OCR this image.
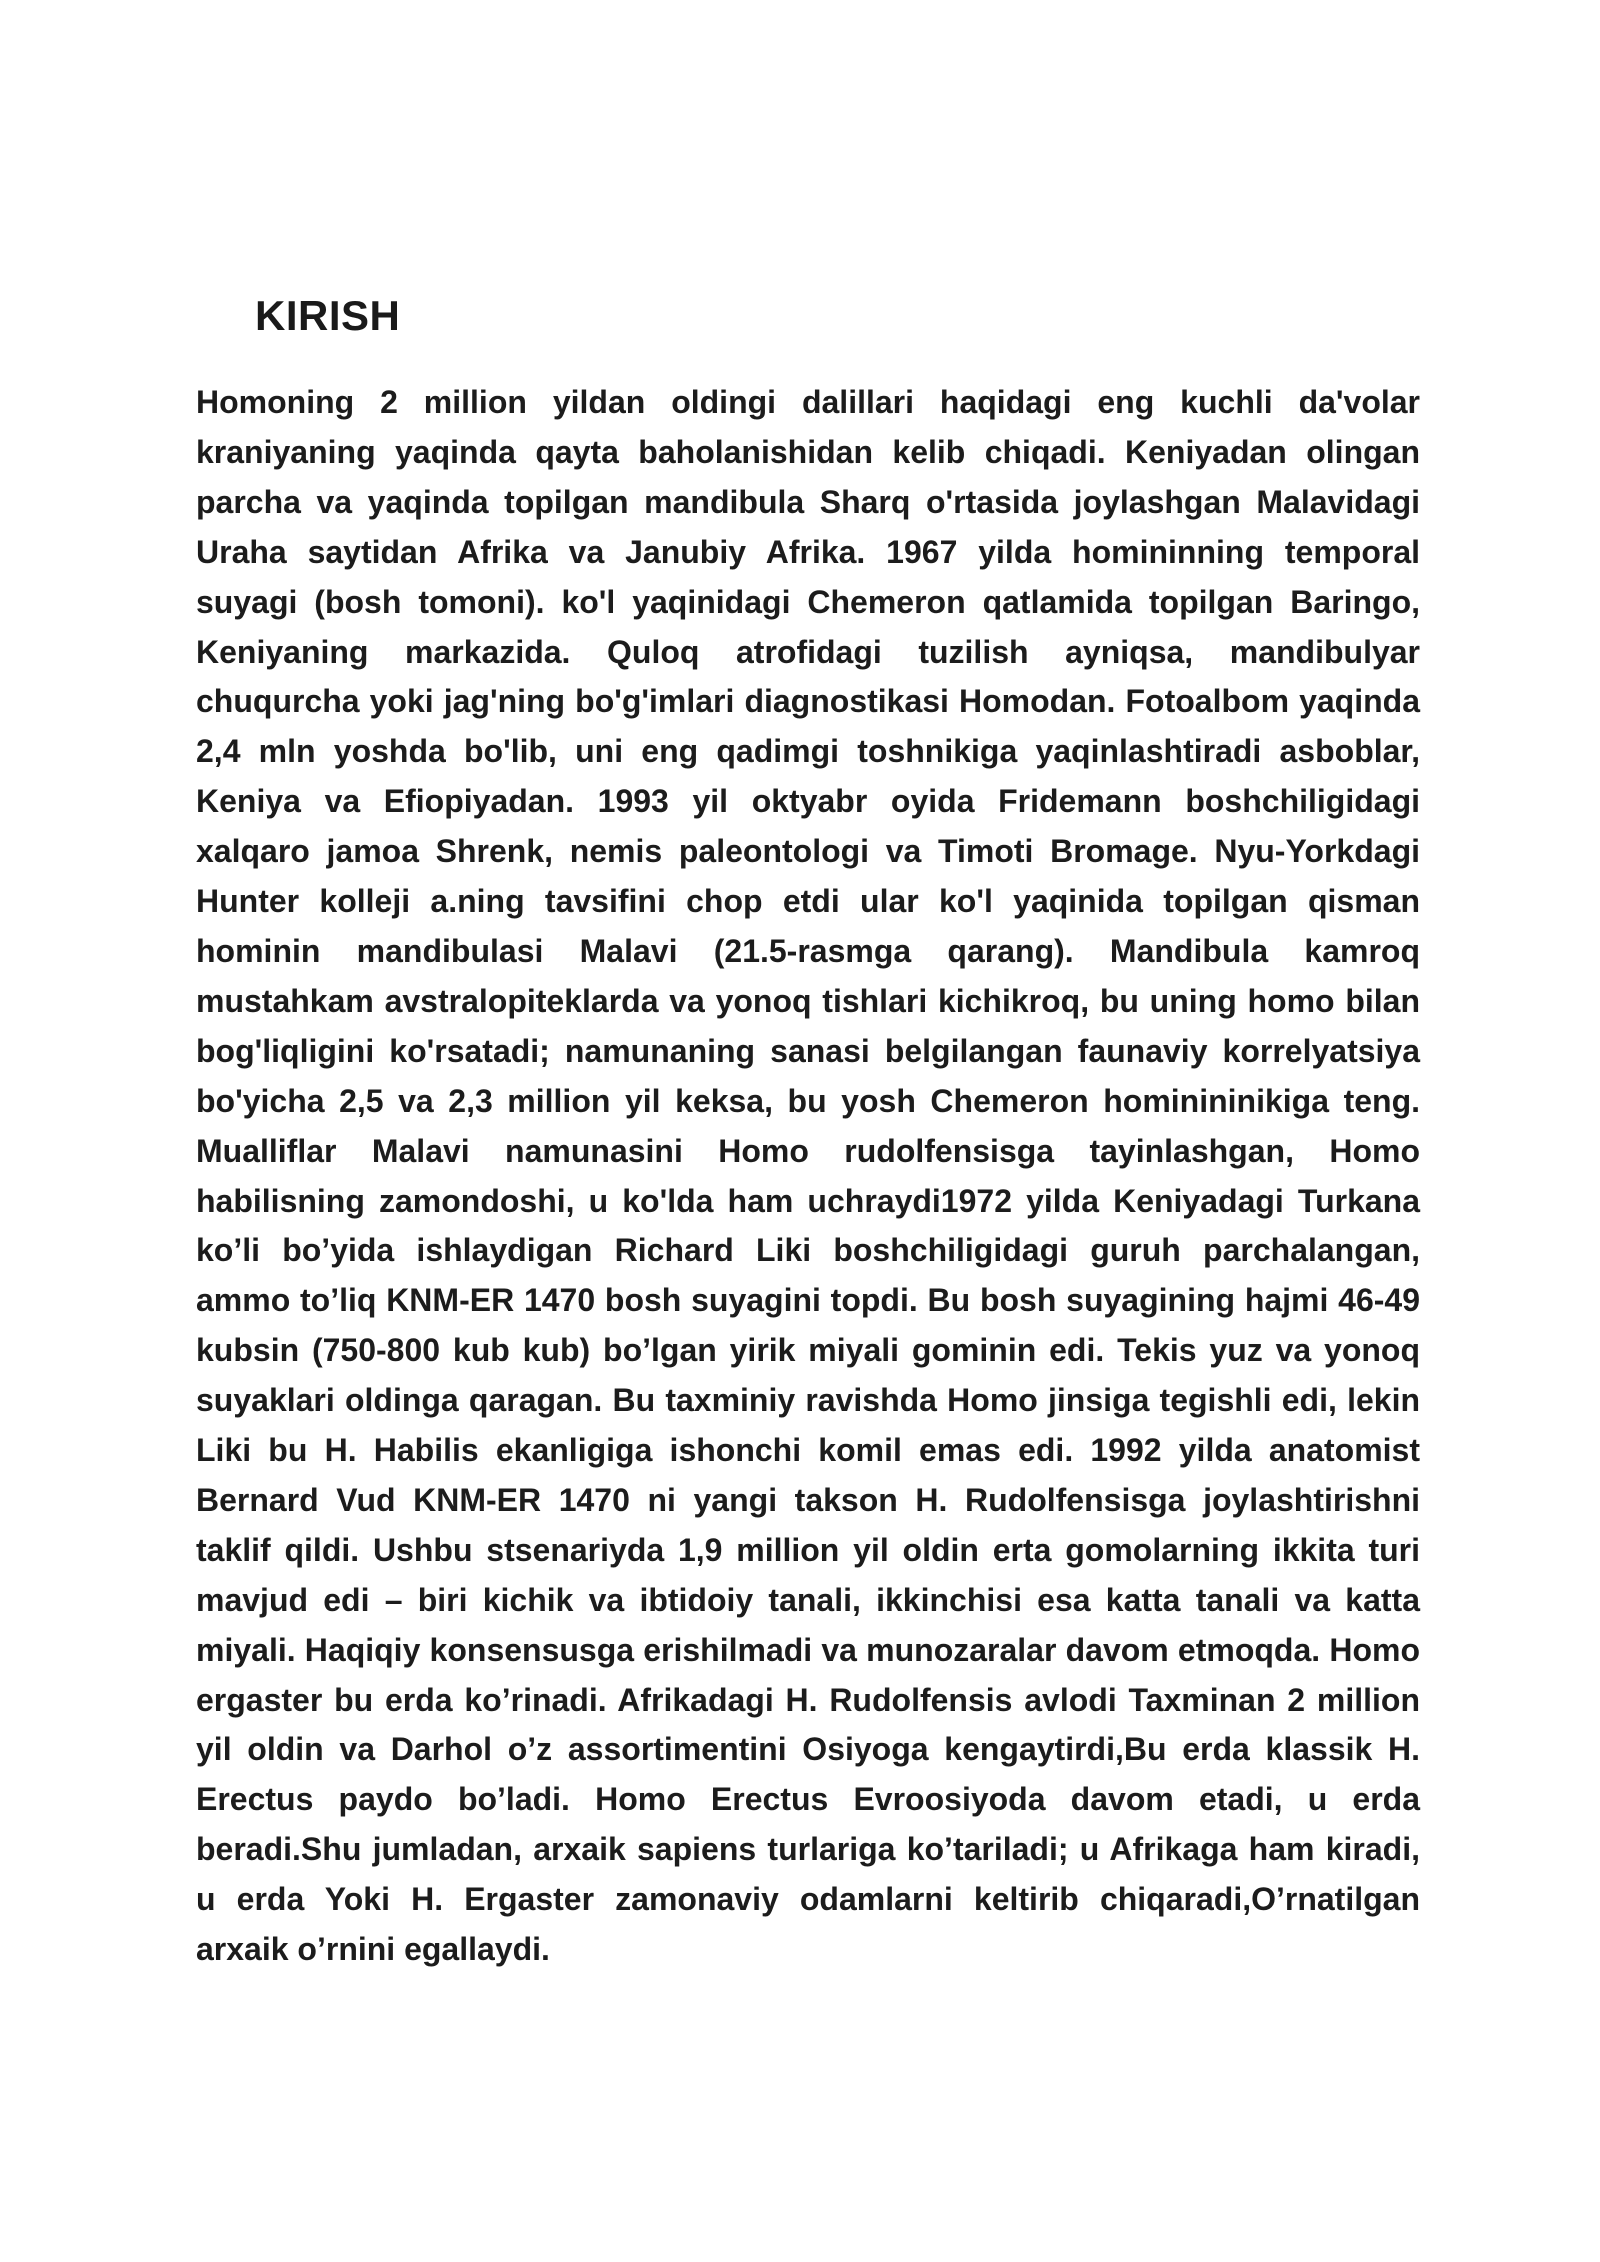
KIRISH

Homoning 2 million yildan oldingi dalillari haqidagi eng kuchli da'volar kraniyaning yaqinda qayta baholanishidan kelib chiqadi. Keniyadan olingan parcha va yaqinda topilgan mandibula Sharq o'rtasida joylashgan Malavidagi Uraha saytidan Afrika va Janubiy Afrika. 1967 yilda homininning temporal suyagi (bosh tomoni). ko'l yaqinidagi Chemeron qatlamida topilgan Baringo, Keniyaning markazida. Quloq atrofidagi tuzilish ayniqsa, mandibulyar chuqurcha yoki jag'ning bo'g'imlari diagnostikasi Homodan. Fotoalbom yaqinda 2,4 mln yoshda bo'lib, uni eng qadimgi toshnikiga yaqinlashtiradi asboblar, Keniya va Efiopiyadan. 1993 yil oktyabr oyida Fridemann boshchiligidagi xalqaro jamoa Shrenk, nemis paleontologi va Timoti Bromage. Nyu-Yorkdagi Hunter kolleji a.ning tavsifini chop etdi ular ko'l yaqinida topilgan qisman hominin mandibulasi Malavi (21.5-rasmga qarang). Mandibula kamroq mustahkam avstralopiteklarda va yonoq tishlari kichikroq, bu uning homo bilan bog'liqligini ko'rsatadi; namunaning sanasi belgilangan faunaviy korrelyatsiya bo'yicha 2,5 va 2,3 million yil keksa, bu yosh Chemeron hominininikiga teng. Mualliflar Malavi namunasini Homo rudolfensisga tayinlashgan, Homo habilisning zamondoshi, u ko'lda ham uchraydi1972 yilda Keniyadagi Turkana ko’li bo’yida ishlaydigan Richard Liki boshchiligidagi guruh parchalangan, ammo to’liq KNM-ER 1470 bosh suyagini topdi. Bu bosh suyagining hajmi 46-49 kubsin (750-800 kub kub) bo’lgan yirik miyali gominin edi. Tekis yuz va yonoq suyaklari oldinga qaragan. Bu taxminiy ravishda Homo jinsiga tegishli edi, lekin Liki bu H. Habilis ekanligiga ishonchi komil emas edi. 1992 yilda anatomist Bernard Vud KNM-ER 1470 ni yangi takson H. Rudolfensisga joylashtirishni taklif qildi. Ushbu stsenariyda 1,9 million yil oldin erta gomolarning ikkita turi mavjud edi – biri kichik va ibtidoiy tanali, ikkinchisi esa katta tanali va katta miyali. Haqiqiy konsensusga erishilmadi va munozaralar davom etmoqda. Homo ergaster bu erda ko’rinadi. Afrikadagi H. Rudolfensis avlodi Taxminan 2 million yil oldin va Darhol o’z assortimentini Osiyoga kengaytirdi,Bu erda klassik H. Erectus paydo bo’ladi. Homo Erectus Evroosiyoda davom etadi, u erda beradi.Shu jumladan, arxaik sapiens turlariga ko’tariladi; u Afrikaga ham kiradi, u erda Yoki H. Ergaster zamonaviy odamlarni keltirib chiqaradi,O’rnatilgan arxaik o’rnini egallaydi.
